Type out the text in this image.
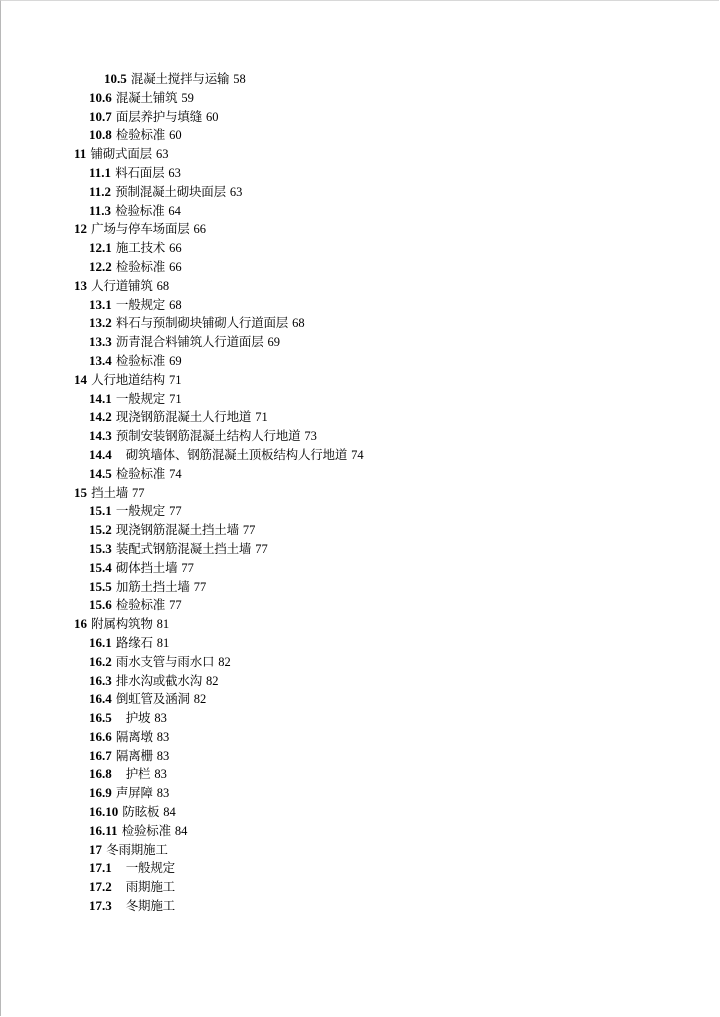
10.5 混凝土搅拌与运输 58
10.6 混凝土铺筑 59
10.7 面层养护与填缝 60
10.8 检验标准 60
11 铺砌式面层 63
11.1 料石面层 63
11.2 预制混凝土砌块面层 63
11.3 检验标准 64
12 广场与停车场面层 66
12.1 施工技术 66
12.2 检验标准 66
13 人行道铺筑 68
13.1 一般规定 68
13.2 料石与预制砌块铺砌人行道面层 68
13.3 沥青混合料铺筑人行道面层 69
13.4 检验标准 69
14 人行地道结构 71
14.1 一般规定 71
14.2 现浇钢筋混凝土人行地道 71
14.3 预制安装钢筋混凝土结构人行地道 73
14.4 砌筑墙体、钢筋混凝土顶板结构人行地道 74
14.5 检验标准 74
15 挡土墙 77
15.1 一般规定 77
15.2 现浇钢筋混凝土挡土墙 77
15.3 装配式钢筋混凝土挡土墙 77
15.4 砌体挡土墙 77
15.5 加筋土挡土墙 77
15.6 检验标准 77
16 附属构筑物 81
16.1 路缘石 81
16.2 雨水支管与雨水口 82
16.3 排水沟或截水沟 82
16.4 倒虹管及涵洞 82
16.5 护坡 83
16.6 隔离墩 83
16.7 隔离栅 83
16.8 护栏 83
16.9 声屏障 83
16.10 防眩板 84
16.11 检验标准 84
17 冬雨期施工
17.1 一般规定
17.2 雨期施工
17.3 冬期施工
